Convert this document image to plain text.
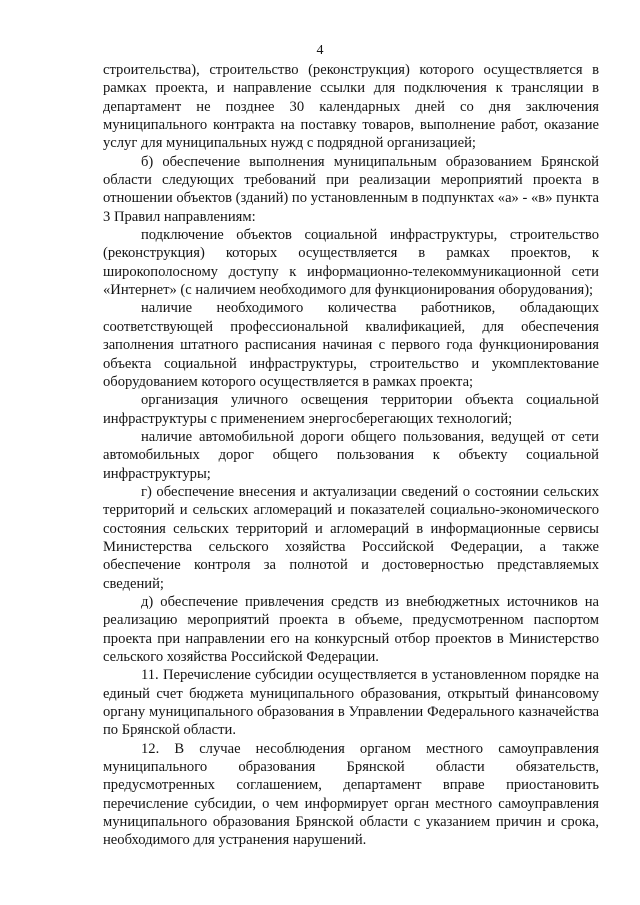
4

строительства), строительство (реконструкция) которого осуществляется в рамках проекта, и направление ссылки для подключения к трансляции в департамент не позднее 30 календарных дней со дня заключения муниципального контракта на поставку товаров, выполнение работ, оказание услуг для муниципальных нужд с подрядной организацией;

б) обеспечение выполнения муниципальным образованием Брянской области следующих требований при реализации мероприятий проекта в отношении объектов (зданий) по установленным в подпунктах «а» - «в» пункта 3 Правил направлениям:

подключение объектов социальной инфраструктуры, строительство (реконструкция) которых осуществляется в рамках проектов, к широкополосному доступу к информационно-телекоммуникационной сети «Интернет» (с наличием необходимого для функционирования оборудования);

наличие необходимого количества работников, обладающих соответствующей профессиональной квалификацией, для обеспечения заполнения штатного расписания начиная с первого года функционирования объекта социальной инфраструктуры, строительство и укомплектование оборудованием которого осуществляется в рамках проекта;

организация уличного освещения территории объекта социальной инфраструктуры с применением энергосберегающих технологий;

наличие автомобильной дороги общего пользования, ведущей от сети автомобильных дорог общего пользования к объекту социальной инфраструктуры;

г) обеспечение внесения и актуализации сведений о состоянии сельских территорий и сельских агломераций и показателей социально-экономического состояния сельских территорий и агломераций в информационные сервисы Министерства сельского хозяйства Российской Федерации, а также обеспечение контроля за полнотой и достоверностью представляемых сведений;

д) обеспечение привлечения средств из внебюджетных источников на реализацию мероприятий проекта в объеме, предусмотренном паспортом проекта при направлении его на конкурсный отбор проектов в Министерство сельского хозяйства Российской Федерации.

11. Перечисление субсидии осуществляется в установленном порядке на единый счет бюджета муниципального образования, открытый финансовому органу муниципального образования в Управлении Федерального казначейства по Брянской области.

12. В случае несоблюдения органом местного самоуправления муниципального образования Брянской области обязательств, предусмотренных соглашением, департамент вправе приостановить перечисление субсидии, о чем информирует орган местного самоуправления муниципального образования Брянской области с указанием причин и срока, необходимого для устранения нарушений.
